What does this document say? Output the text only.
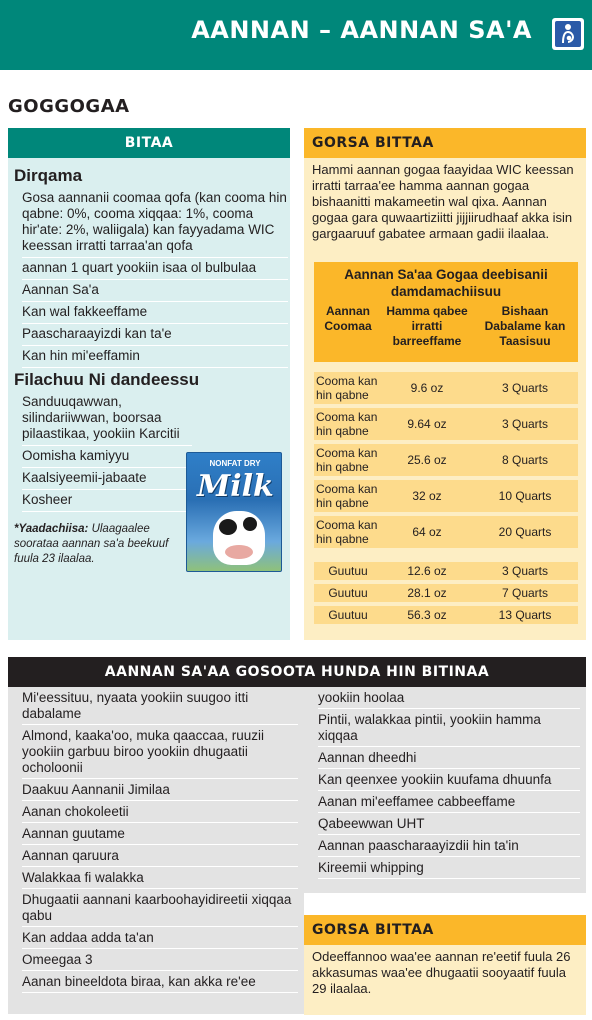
AANNAN – AANNAN SA'A
GOGGOGAA
BITAA
Dirqama
Gosa aannanii coomaa qofa (kan cooma hin qabne: 0%, cooma xiqqaa: 1%, cooma hir'ate: 2%, waliigala) kan fayyadama WIC keessan irratti tarraa'an qofa
aannan 1 quart yookiin isaa ol bulbulaa
Aannan Sa'a
Kan wal fakkeeffame
Paascharaayizdi kan ta'e
Kan hin mi'eeffamin
Filachuu Ni dandeessu
Sanduuqawwan, silindariiwwan, boorsaa pilaastikaa, yookiin Karcitii
Oomisha kamiyyu
Kaalsiyeemii-jabaate
Kosheer
*Yaadachiisa: Ulaagaalee soorataa aannan sa'a beekuuf fuula 23 ilaalaa.
NONFAT DRY
Milk
GORSA BITTAA
Hammi aannan gogaa faayidaa WIC keessan irratti tarraa'ee hamma aannan gogaa bishaanitti makameetin wal qixa. Aannan gogaa gara quwaartiziitti jijjiirudhaaf akka isin gargaaruuf gabatee armaan gadii ilaalaa.
Aannan Sa'aa Gogaa deebisanii damdamachiisuu
Aannan Coomaa
Hamma qabee irratti barreeffame
Bishaan Dabalame kan Taasisuu
Cooma kan hin qabne	9.6 oz	3 Quarts
Cooma kan hin qabne	9.64 oz	3 Quarts
Cooma kan hin qabne	25.6 oz	8 Quarts
Cooma kan hin qabne	32 oz	10 Quarts
Cooma kan hin qabne	64 oz	20 Quarts
Guutuu	12.6 oz	3 Quarts
Guutuu	28.1 oz	7 Quarts
Guutuu	56.3 oz	13 Quarts
AANNAN SA'AA GOSOOTA HUNDA HIN BITINAA
Mi'eessituu, nyaata yookiin suugoo itti dabalame
Almond, kaaka'oo, muka qaaccaa, ruuzii yookiin garbuu biroo yookiin dhugaatii ocholoonii
Daakuu Aannanii Jimilaa
Aanan chokoleetii
Aannan guutame
Aannan qaruura
Walakkaa fi walakka
Dhugaatii aannani kaarboohayidireetii xiqqaa qabu
Kan addaa adda ta'an
Omeegaa 3
Aanan bineeldota biraa, kan akka re'ee
yookiin hoolaa
Pintii, walakkaa pintii, yookiin hamma xiqqaa
Aannan dheedhi
Kan qeenxee yookiin kuufama dhuunfa
Aanan mi'eeffamee cabbeeffame
Qabeewwan UHT
Aannan paascharaayizdii hin ta'in
Kireemii whipping
GORSA BITTAA
Odeeffannoo waa'ee aannan re'eetif fuula 26 akkasumas waa'ee dhugaatii sooyaatif fuula 29 ilaalaa.
